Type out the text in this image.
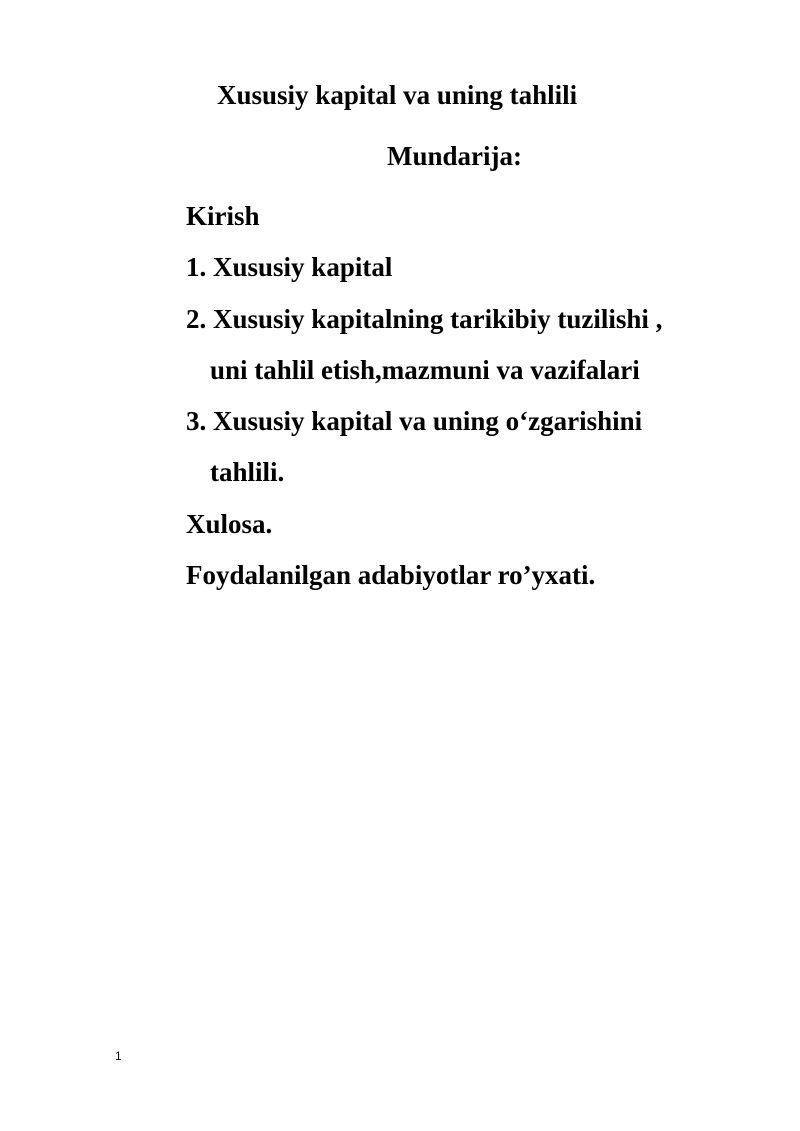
Xususiy kapital va uning tahlili
Mundarija:
Kirish
1. Xususiy kapital
2. Xususiy kapitalning tarikibiy tuzilishi ,
uni tahlil etish,mazmuni va vazifalari
3. Xususiy kapital va uning o‘zgarishini
tahlili.
Xulosa.
Foydalanilgan adabiyotlar ro’yxati.
1
